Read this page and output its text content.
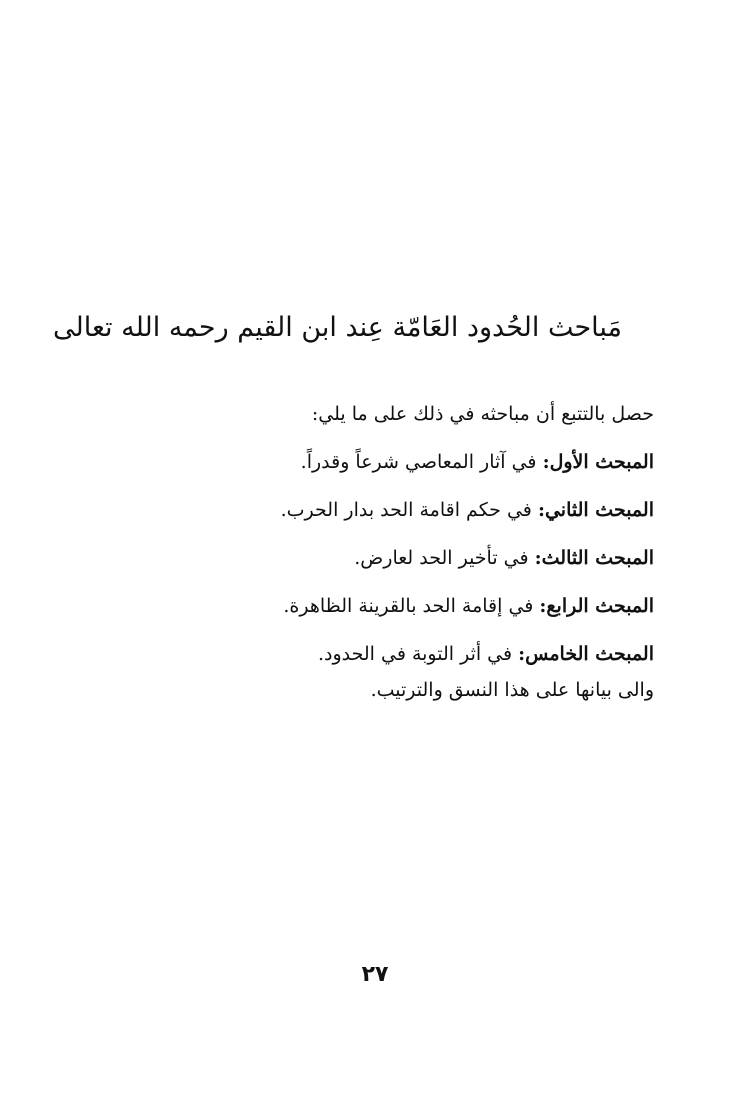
مَباحث الحُدود العَامّة عِند ابن القيم رحمه الله تعالى

حصل بالتتبع أن مباحثه في ذلك على ما يلي:

المبحث الأول: في آثار المعاصي شرعاً وقدراً.
المبحث الثاني: في حكم اقامة الحد بدار الحرب.
المبحث الثالث: في تأخير الحد لعارض.
المبحث الرابع: في إقامة الحد بالقرينة الظاهرة.
المبحث الخامس: في أثر التوبة في الحدود.

والى بيانها على هذا النسق والترتيب.

٢٧
